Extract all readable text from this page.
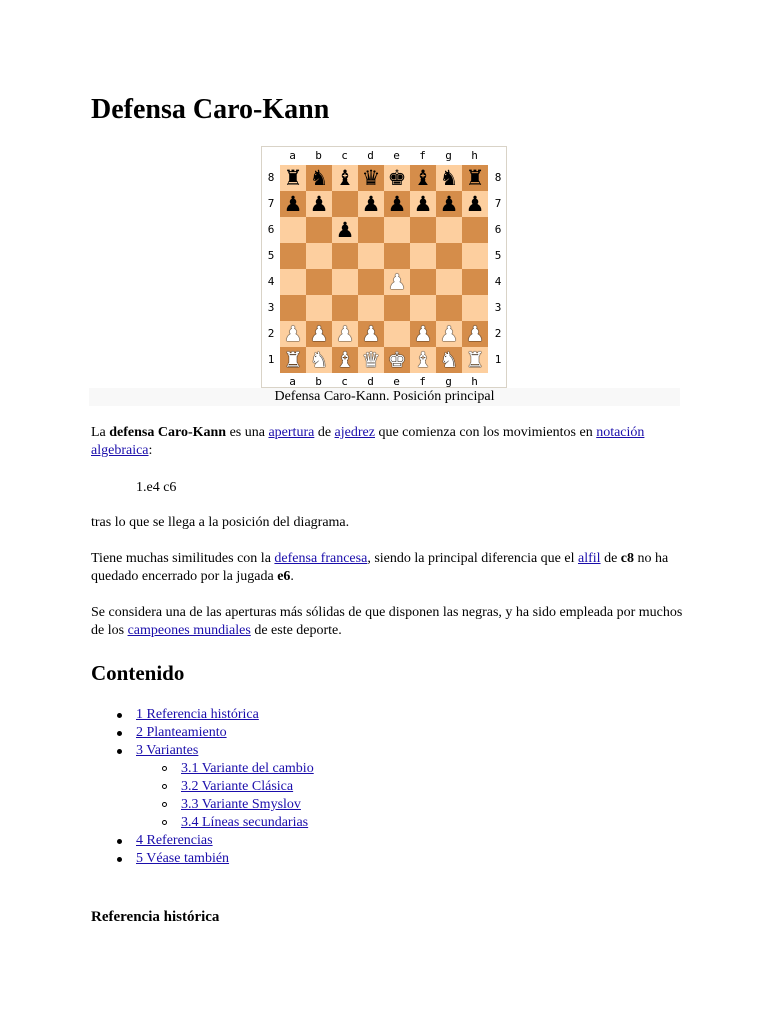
Defensa Caro-Kann
♜ ♞ ♝ ♛ ♚ ♝ ♞ ♜
♟ ♟ ♟ ♟ ♟ ♟ ♟
♟
♟
♟ ♟ ♟ ♟ ♟ ♟ ♟
♜ ♞ ♝ ♛ ♚ ♝ ♞ ♜
a
a
b
b
c
c
d
d
e
e
f
f
g
g
h
h
8	8
7	7
6	6
5	5
4	4
3	3
2	2
1	1
Defensa Caro-Kann. Posición principal

La defensa Caro-Kann es una apertura de ajedrez que comienza con los movimientos en notación algebraica:

1.e4 c6

tras lo que se llega a la posición del diagrama.

Tiene muchas similitudes con la defensa francesa, siendo la principal diferencia que el alfil de c8 no ha quedado encerrado por la jugada e6.

Se considera una de las aperturas más sólidas de que disponen las negras, y ha sido empleada por muchos de los campeones mundiales de este deporte.

Contenido
1 Referencia histórica
2 Planteamiento
3 Variantes
3.1 Variante del cambio
3.2 Variante Clásica
3.3 Variante Smyslov
3.4 Líneas secundarias
4 Referencias
5 Véase también
Referencia histórica
